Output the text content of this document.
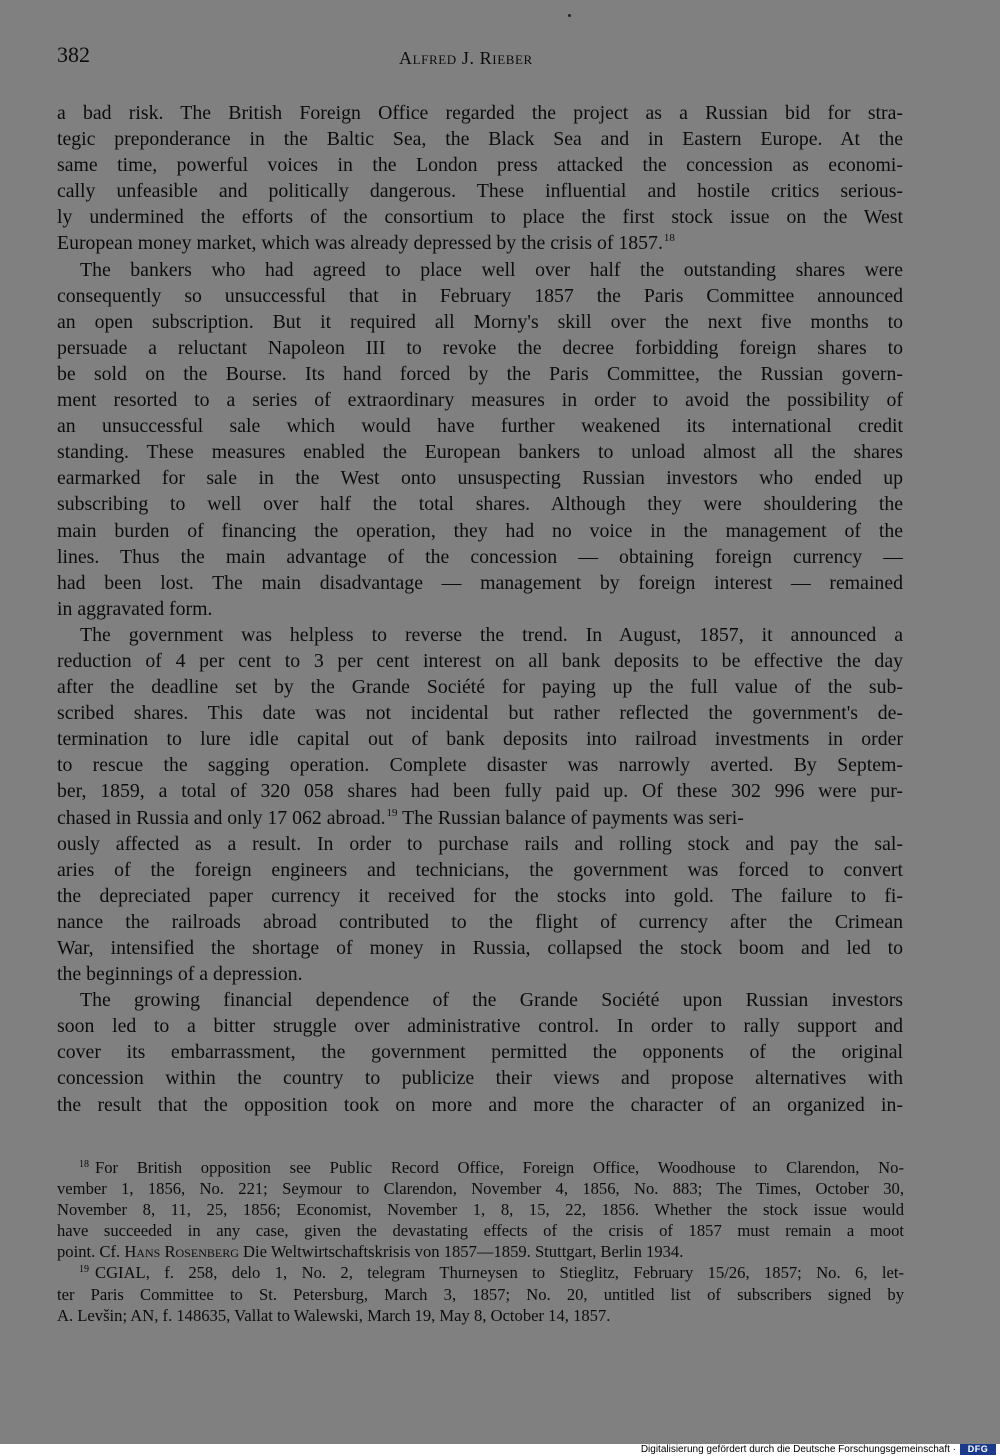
382	Alfred J. Rieber
a bad risk. The British Foreign Office regarded the project as a Russian bid for stra-
tegic preponderance in the Baltic Sea, the Black Sea and in Eastern Europe. At the
same time, powerful voices in the London press attacked the concession as economi-
cally unfeasible and politically dangerous. These influential and hostile critics serious-
ly undermined the efforts of the consortium to place the first stock issue on the West
European money market, which was already depressed by the crisis of 1857.18
The bankers who had agreed to place well over half the outstanding shares were
consequently so unsuccessful that in February 1857 the Paris Committee announced
an open subscription. But it required all Morny's skill over the next five months to
persuade a reluctant Napoleon III to revoke the decree forbidding foreign shares to
be sold on the Bourse. Its hand forced by the Paris Committee, the Russian govern-
ment resorted to a series of extraordinary measures in order to avoid the possibility of
an unsuccessful sale which would have further weakened its international credit
standing. These measures enabled the European bankers to unload almost all the shares
earmarked for sale in the West onto unsuspecting Russian investors who ended up
subscribing to well over half the total shares. Although they were shouldering the
main burden of financing the operation, they had no voice in the management of the
lines. Thus the main advantage of the concession — obtaining foreign currency —
had been lost. The main disadvantage — management by foreign interest — remained
in aggravated form.
The government was helpless to reverse the trend. In August, 1857, it announced a
reduction of 4 per cent to 3 per cent interest on all bank deposits to be effective the day
after the deadline set by the Grande Société for paying up the full value of the sub-
scribed shares. This date was not incidental but rather reflected the government's de-
termination to lure idle capital out of bank deposits into railroad investments in order
to rescue the sagging operation. Complete disaster was narrowly averted. By Septem-
ber, 1859, a total of 320 058 shares had been fully paid up. Of these 302 996 were pur-
chased in Russia and only 17 062 abroad.$^{19}$ The Russian balance of payments was seri-
ously affected as a result. In order to purchase rails and rolling stock and pay the sal-
aries of the foreign engineers and technicians, the government was forced to convert
the depreciated paper currency it received for the stocks into gold. The failure to fi-
nance the railroads abroad contributed to the flight of currency after the Crimean
War, intensified the shortage of money in Russia, collapsed the stock boom and led to
the beginnings of a depression.
The growing financial dependence of the Grande Société upon Russian investors
soon led to a bitter struggle over administrative control. In order to rally support and
cover its embarrassment, the government permitted the opponents of the original
concession within the country to publicize their views and propose alternatives with
the result that the opposition took on more and more the character of an organized in-
$^{18}$ For British opposition see Public Record Office, Foreign Office, Woodhouse to Clarendon, No-
vember 1, 1856, No. 221; Seymour to Clarendon, November 4, 1856, No. 883; The Times, October 30,
November 8, 11, 25, 1856; Economist, November 1, 8, 15, 22, 1856. Whether the stock issue would
have succeeded in any case, given the devastating effects of the crisis of 1857 must remain a moot
point. Cf. Hans Rosenberg Die Weltwirtschaftskrisis von 1857—1859. Stuttgart, Berlin 1934.
$^{19}$ CGIAL, f. 258, delo 1, No. 2, telegram Thurneysen to Stieglitz, February 15/26, 1857; No. 6, let-
ter Paris Committee to St. Petersburg, March 3, 1857; No. 20, untitled list of subscribers signed by
A. Levšin; AN, f. 148635, Vallat to Walewski, March 19, May 8, October 14, 1857.
Digitalisierung gefördert durch die Deutsche Forschungsgemeinschaft ·	DFG
